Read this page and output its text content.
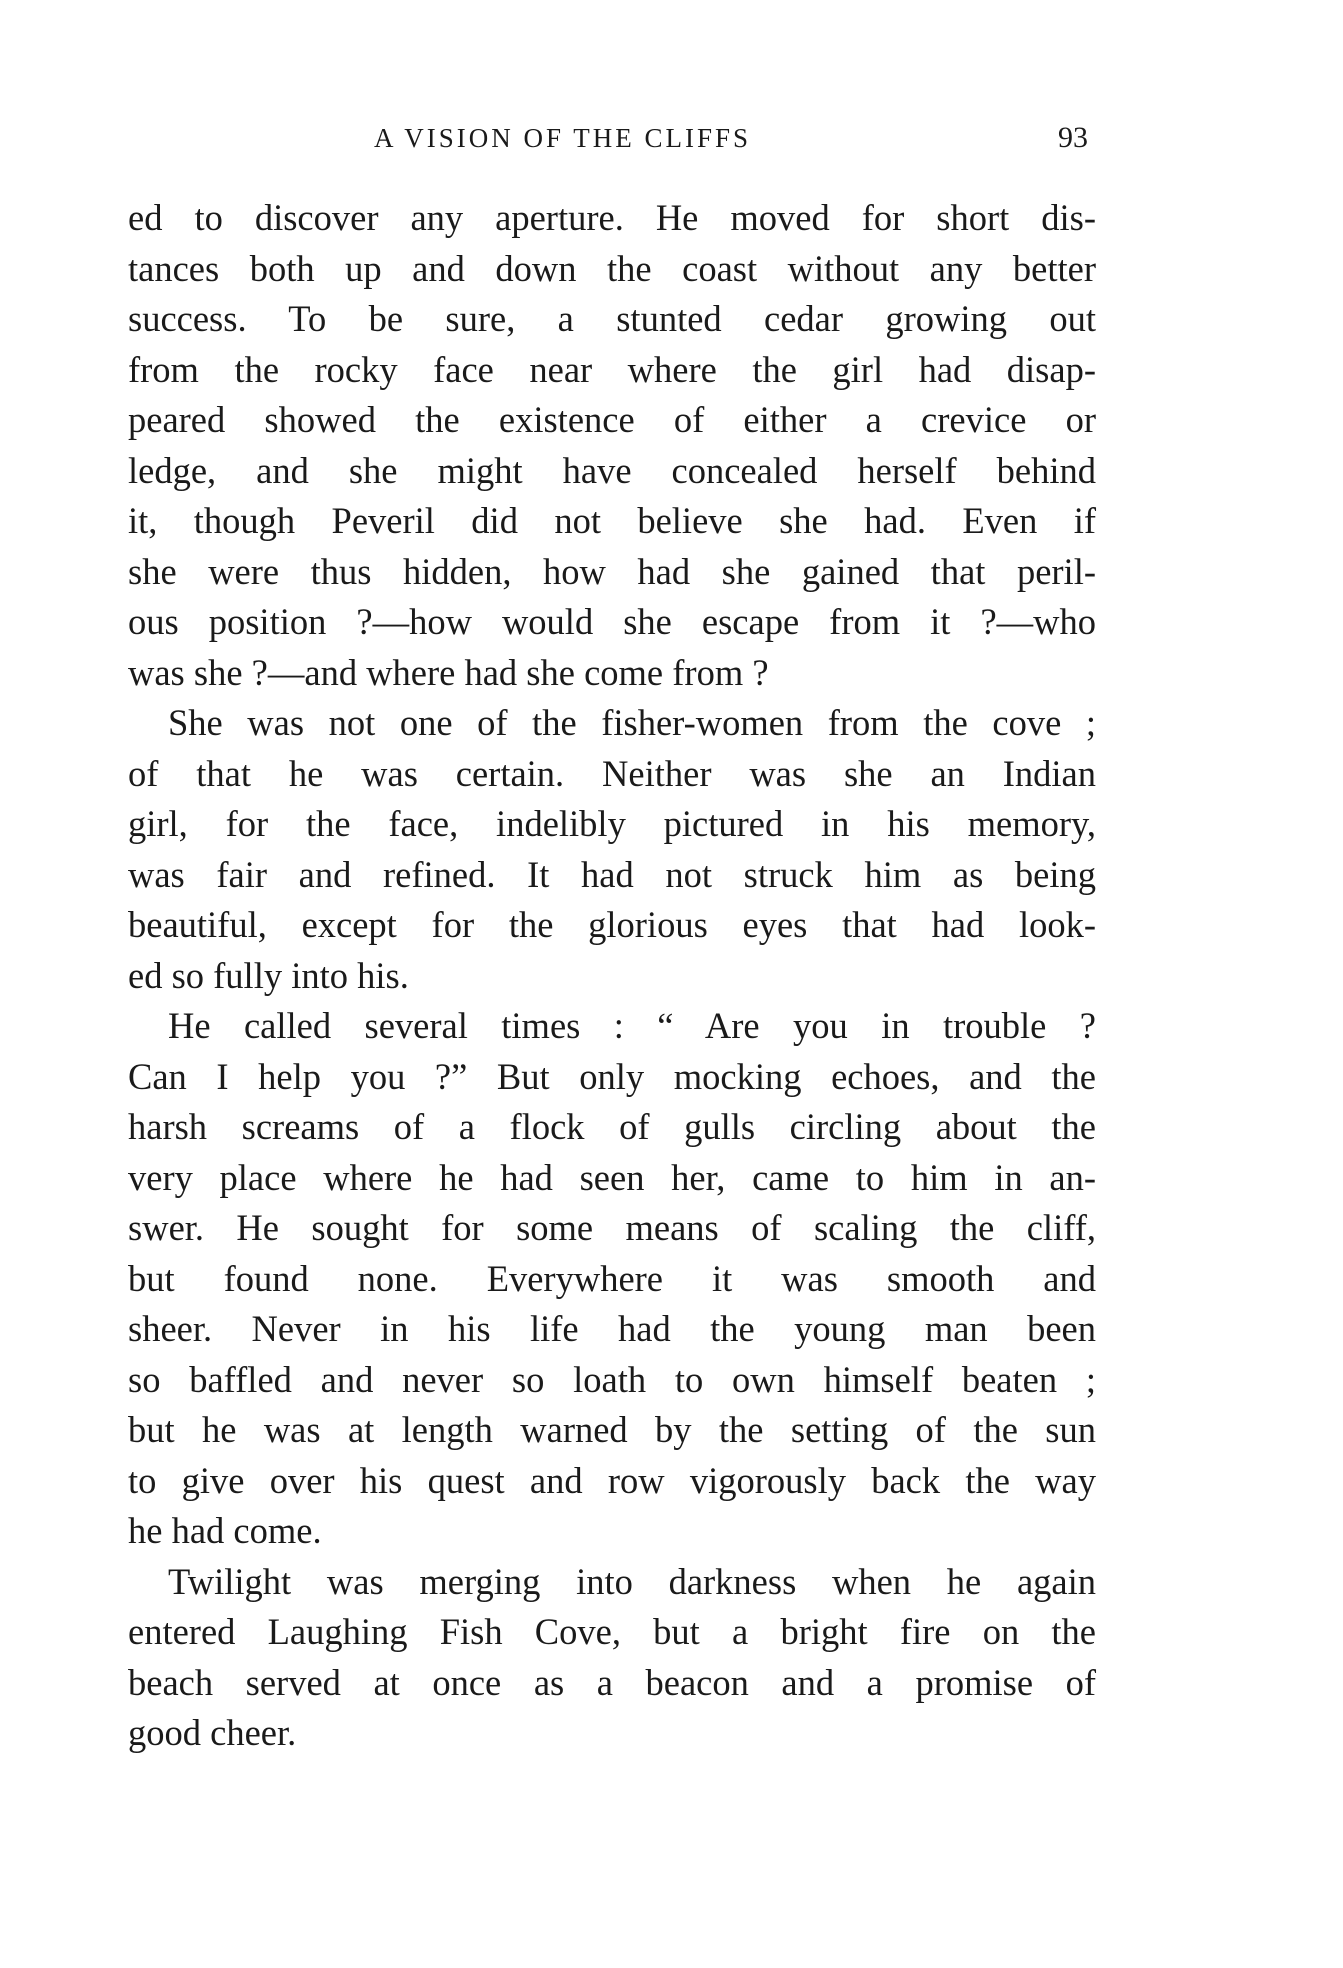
A VISION OF THE CLIFFS	93
ed to discover any aperture. He moved for short dis-
tances both up and down the coast without any better
success. To be sure, a stunted cedar growing out
from the rocky face near where the girl had disap-
peared showed the existence of either a crevice or
ledge, and she might have concealed herself behind
it, though Peveril did not believe she had. Even if
she were thus hidden, how had she gained that peril-
ous position ?—how would she escape from it ?—who
was she ?—and where had she come from ?
She was not one of the fisher-women from the cove ;
of that he was certain. Neither was she an Indian
girl, for the face, indelibly pictured in his memory,
was fair and refined. It had not struck him as being
beautiful, except for the glorious eyes that had look-
ed so fully into his.
He called several times : “ Are you in trouble ?
Can I help you ?” But only mocking echoes, and the
harsh screams of a flock of gulls circling about the
very place where he had seen her, came to him in an-
swer. He sought for some means of scaling the cliff,
but found none. Everywhere it was smooth and
sheer. Never in his life had the young man been
so baffled and never so loath to own himself beaten ;
but he was at length warned by the setting of the sun
to give over his quest and row vigorously back the way
he had come.
Twilight was merging into darkness when he again
entered Laughing Fish Cove, but a bright fire on the
beach served at once as a beacon and a promise of
good cheer.
